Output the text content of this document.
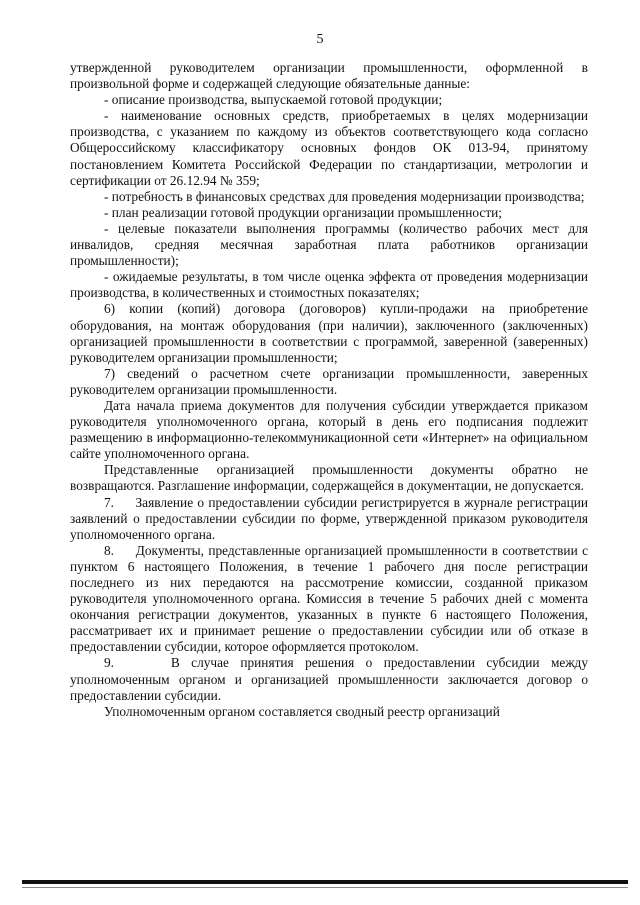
5

утвержденной руководителем организации промышленности, оформленной в произвольной форме и содержащей следующие обязательные данные:

- описание производства, выпускаемой готовой продукции;

- наименование основных средств, приобретаемых в целях модернизации производства, с указанием по каждому из объектов соответствующего кода согласно Общероссийскому классификатору основных фондов ОК 013-94, принятому постановлением Комитета Российской Федерации по стандартизации, метрологии и сертификации от 26.12.94 № 359;

- потребность в финансовых средствах для проведения модернизации производства;

- план реализации готовой продукции организации промышленности;

- целевые показатели выполнения программы (количество рабочих мест для инвалидов, средняя месячная заработная плата работников организации промышленности);

- ожидаемые результаты, в том числе оценка эффекта от проведения модернизации производства, в количественных и стоимостных показателях;

6) копии (копий) договора (договоров) купли-продажи на приобретение оборудования, на монтаж оборудования (при наличии), заключенного (заключенных) организацией промышленности в соответствии с программой, заверенной (заверенных) руководителем организации промышленности;

7) сведений о расчетном счете организации промышленности, заверенных руководителем организации промышленности.

Дата начала приема документов для получения субсидии утверждается приказом руководителя уполномоченного органа, который в день его подписания подлежит размещению в информационно-телекоммуникационной сети «Интернет» на официальном сайте уполномоченного органа.

Представленные организацией промышленности документы обратно не возвращаются. Разглашение информации, содержащейся в документации, не допускается.

7.     Заявление о предоставлении субсидии регистрируется в журнале регистрации заявлений о предоставлении субсидии по форме, утвержденной приказом руководителя уполномоченного органа.

8.     Документы, представленные организацией промышленности в соответствии с пунктом 6 настоящего Положения, в течение 1 рабочего дня после регистрации последнего из них передаются на рассмотрение комиссии, созданной приказом руководителя уполномоченного органа. Комиссия в течение 5 рабочих дней с момента окончания регистрации документов, указанных в пункте 6 настоящего Положения, рассматривает их и принимает решение о предоставлении субсидии или об отказе в предоставлении субсидии, которое оформляется протоколом.

9.     В случае принятия решения о предоставлении субсидии между уполномоченным органом и организацией промышленности заключается договор о предоставлении субсидии.

Уполномоченным органом составляется сводный реестр организаций
